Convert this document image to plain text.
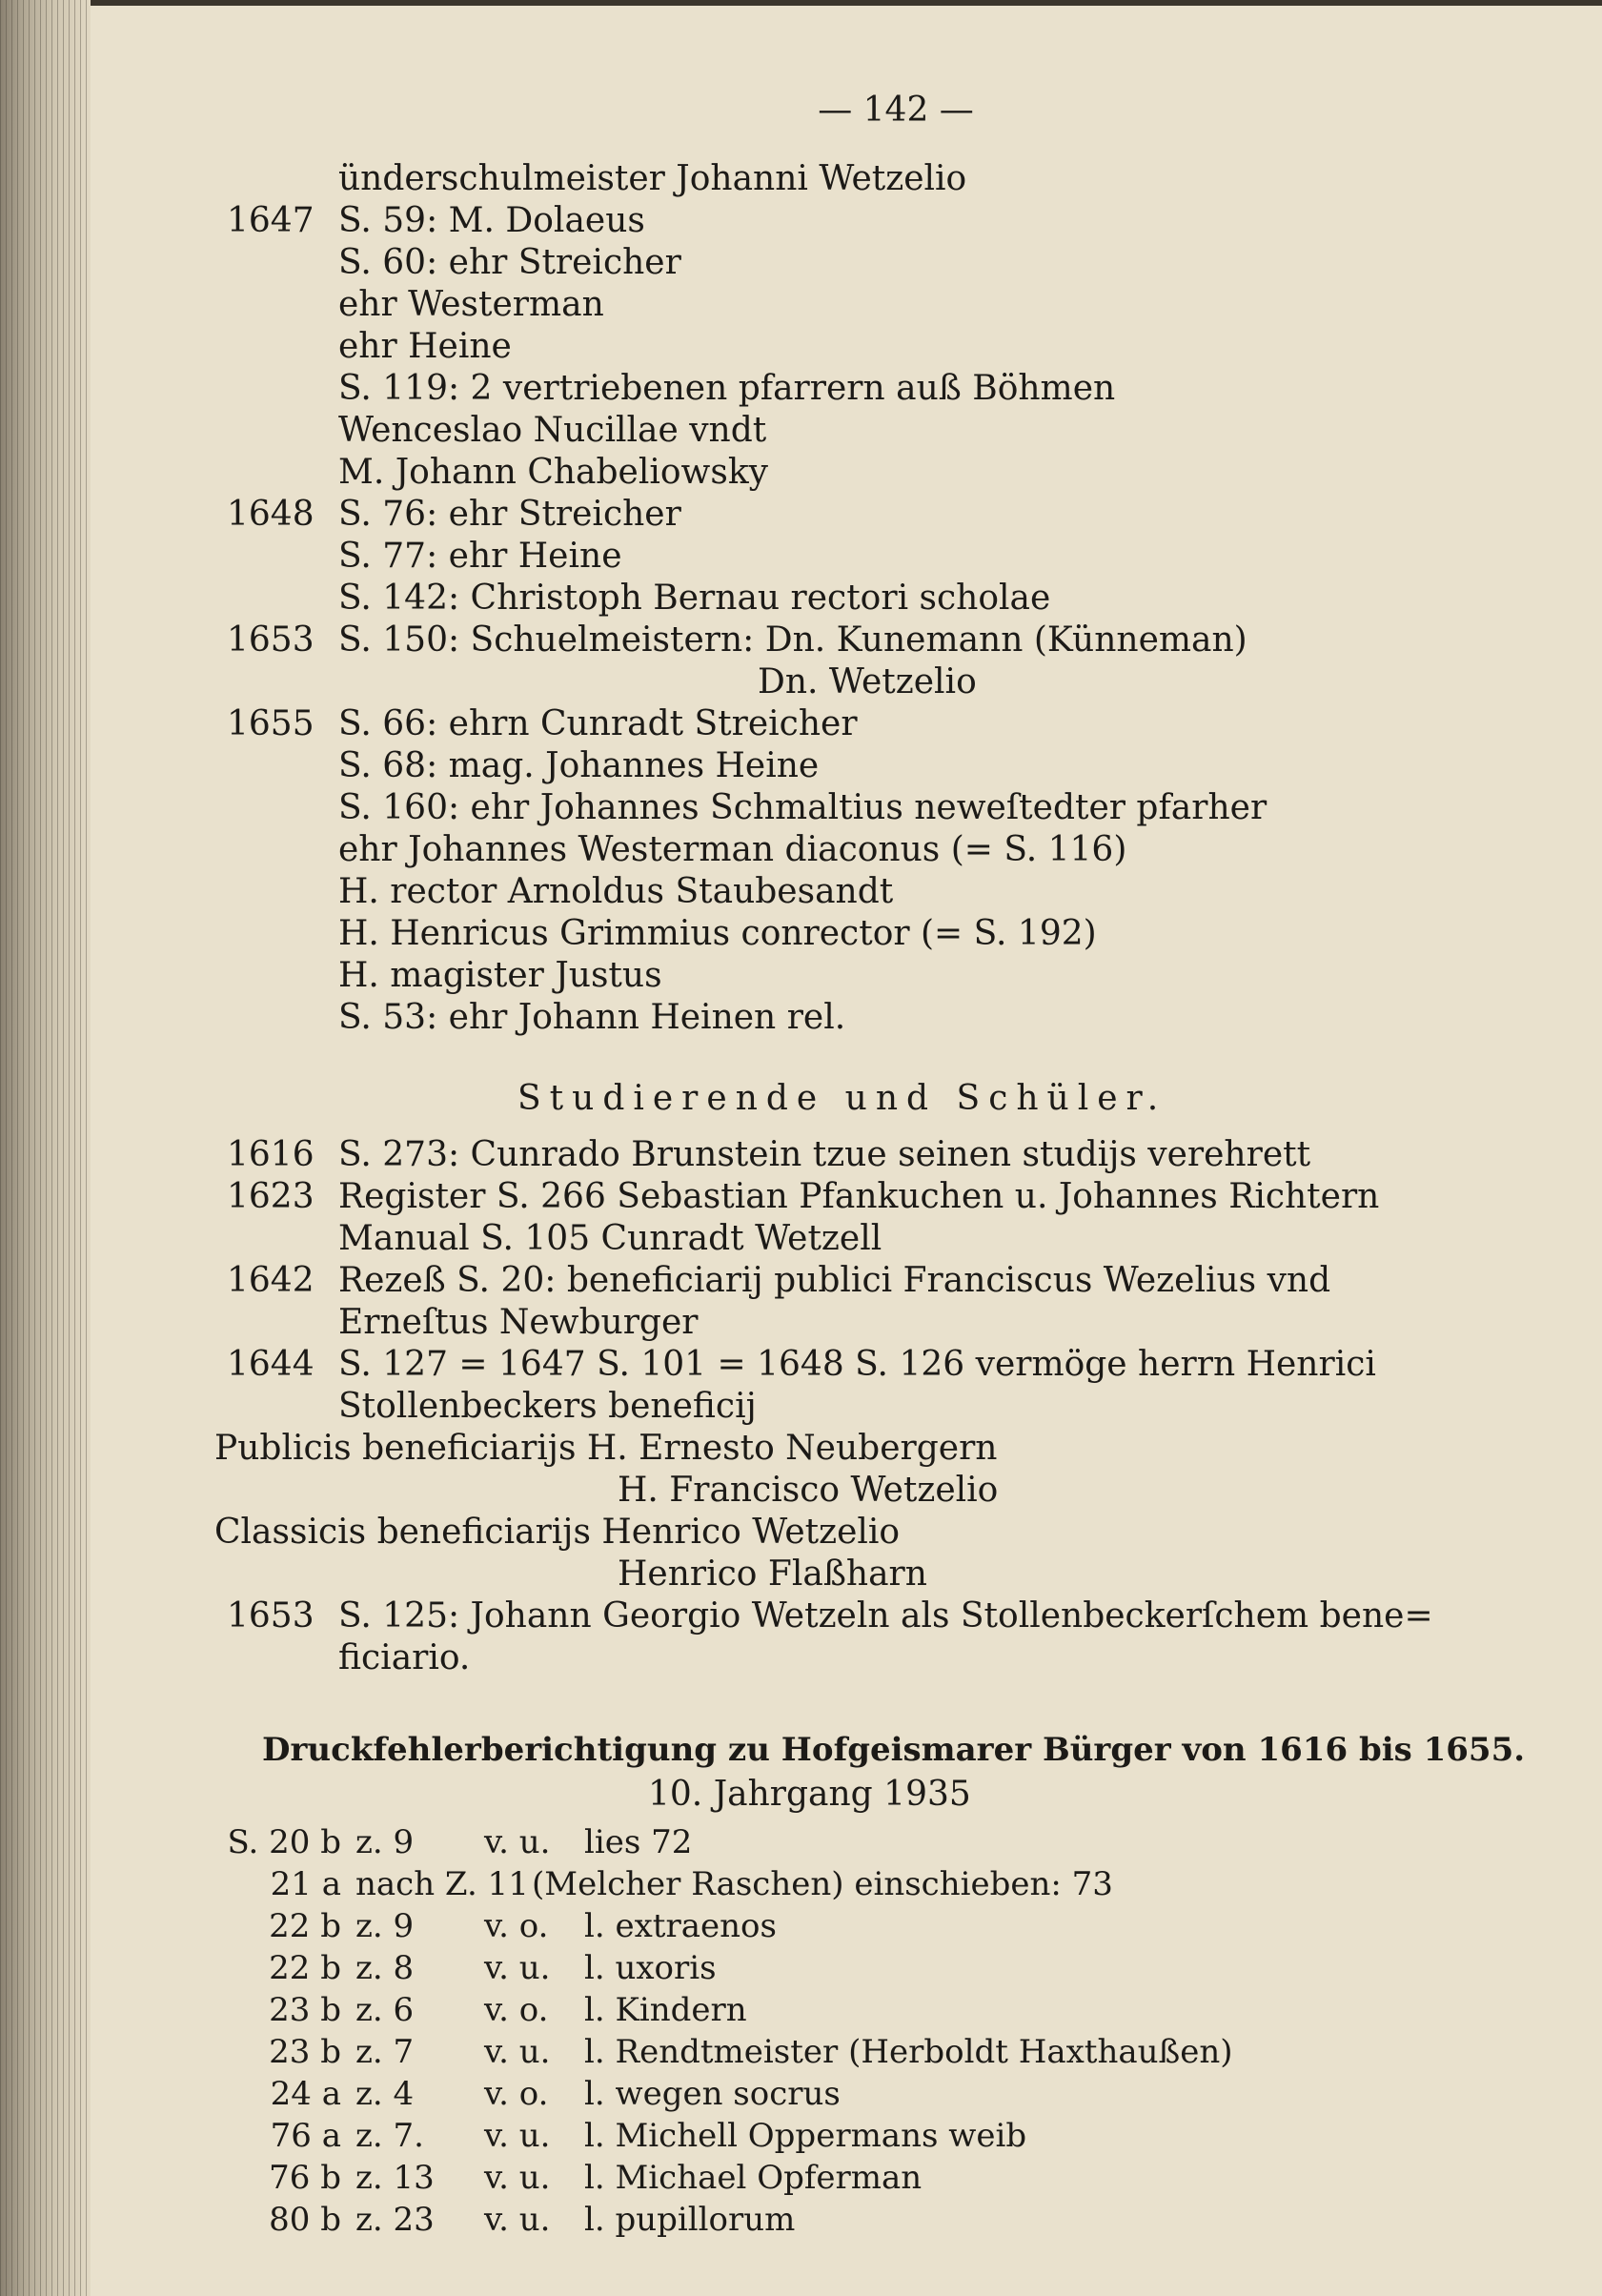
— 142 —
ünderschulmeister Johanni Wetzelio
1647 S. 59: M. Dolaeus
S. 60: ehr Streicher
ehr Westerman
ehr Heine
S. 119: 2 vertriebenen pfarrern auß Böhmen
Wenceslao Nucillae vndt
M. Johann Chabeliowsky
1648 S. 76: ehr Streicher
S. 77: ehr Heine
S. 142: Christoph Bernau rectori scholae
1653 S. 150: Schuelmeistern: Dn. Kunemann (Künneman)
Dn. Wetzelio
1655 S. 66: ehrn Cunradt Streicher
S. 68: mag. Johannes Heine
S. 160: ehr Johannes Schmaltius neweſtedter pfarher
ehr Johannes Westerman diaconus (= S. 116)
H. rector Arnoldus Staubesandt
H. Henricus Grimmius conrector (= S. 192)
H. magister Justus
S. 53: ehr Johann Heinen rel.
Studierende und Schüler.
1616 S. 273: Cunrado Brunstein tzue seinen studijs verehrett
1623 Register S. 266 Sebastian Pfankuchen u. Johannes Richtern
Manual S. 105 Cunradt Wetzell
1642 Rezeß S. 20: beneficiarij publici Franciscus Wezelius vnd
Erneſtus Newburger
1644 S. 127 = 1647 S. 101 = 1648 S. 126 vermöge herrn Henrici
Stollenbeckers beneficij
Publicis beneficiarijs H. Ernesto Neubergern
H. Francisco Wetzelio
Classicis beneficiarijs Henrico Wetzelio
Henrico Flaßharn
1653 S. 125: Johann Georgio Wetzeln als Stollenbeckerſchem bene=
ficiario.
Druckfehlerberichtigung zu Hofgeismarer Bürger von 1616 bis 1655.
10. Jahrgang 1935
S. 20 b z. 9 v. u. lies 72
21 a nach Z. 11 (Melcher Raschen) einschieben: 73
22 b z. 9 v. o. l. extraenos
22 b z. 8 v. u. l. uxoris
23 b z. 6 v. o. l. Kindern
23 b z. 7 v. u. l. Rendtmeister (Herboldt Haxthaußen)
24 a z. 4 v. o. l. wegen socrus
76 a z. 7. v. u. l. Michell Oppermans weib
76 b z. 13 v. u. l. Michael Opferman
80 b z. 23 v. u. l. pupillorum
